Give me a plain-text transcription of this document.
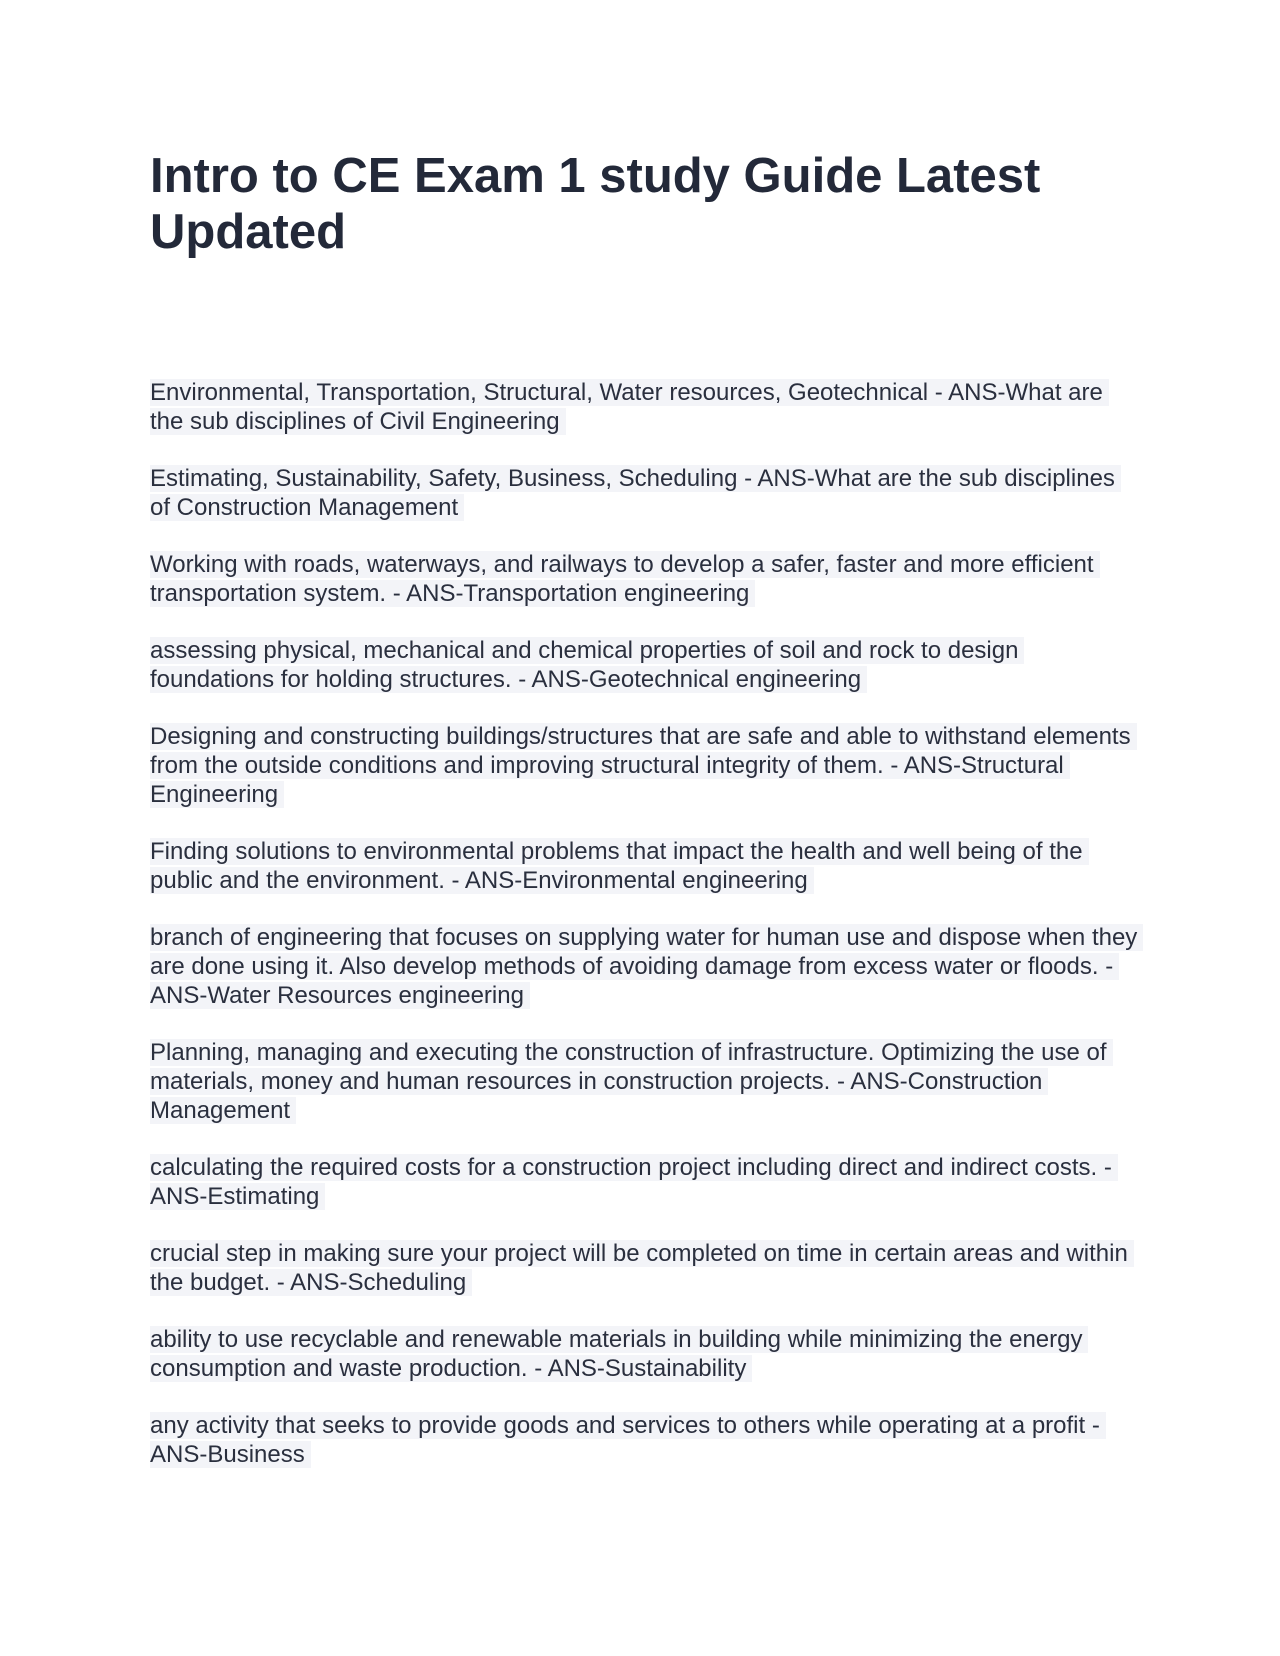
Intro to CE Exam 1 study Guide Latest Updated

Environmental, Transportation, Structural, Water resources, Geotechnical - ANS-What are the sub disciplines of Civil Engineering

Estimating, Sustainability, Safety, Business, Scheduling - ANS-What are the sub disciplines of Construction Management

Working with roads, waterways, and railways to develop a safer, faster and more efficient transportation system. - ANS-Transportation engineering

assessing physical, mechanical and chemical properties of soil and rock to design foundations for holding structures. - ANS-Geotechnical engineering

Designing and constructing buildings/structures that are safe and able to withstand elements from the outside conditions and improving structural integrity of them. - ANS-Structural Engineering

Finding solutions to environmental problems that impact the health and well being of the public and the environment. - ANS-Environmental engineering

branch of engineering that focuses on supplying water for human use and dispose when they are done using it. Also develop methods of avoiding damage from excess water or floods. - ANS-Water Resources engineering

Planning, managing and executing the construction of infrastructure. Optimizing the use of materials, money and human resources in construction projects. - ANS-Construction Management

calculating the required costs for a construction project including direct and indirect costs. - ANS-Estimating

crucial step in making sure your project will be completed on time in certain areas and within the budget. - ANS-Scheduling

ability to use recyclable and renewable materials in building while minimizing the energy consumption and waste production. - ANS-Sustainability

any activity that seeks to provide goods and services to others while operating at a profit - ANS-Business
